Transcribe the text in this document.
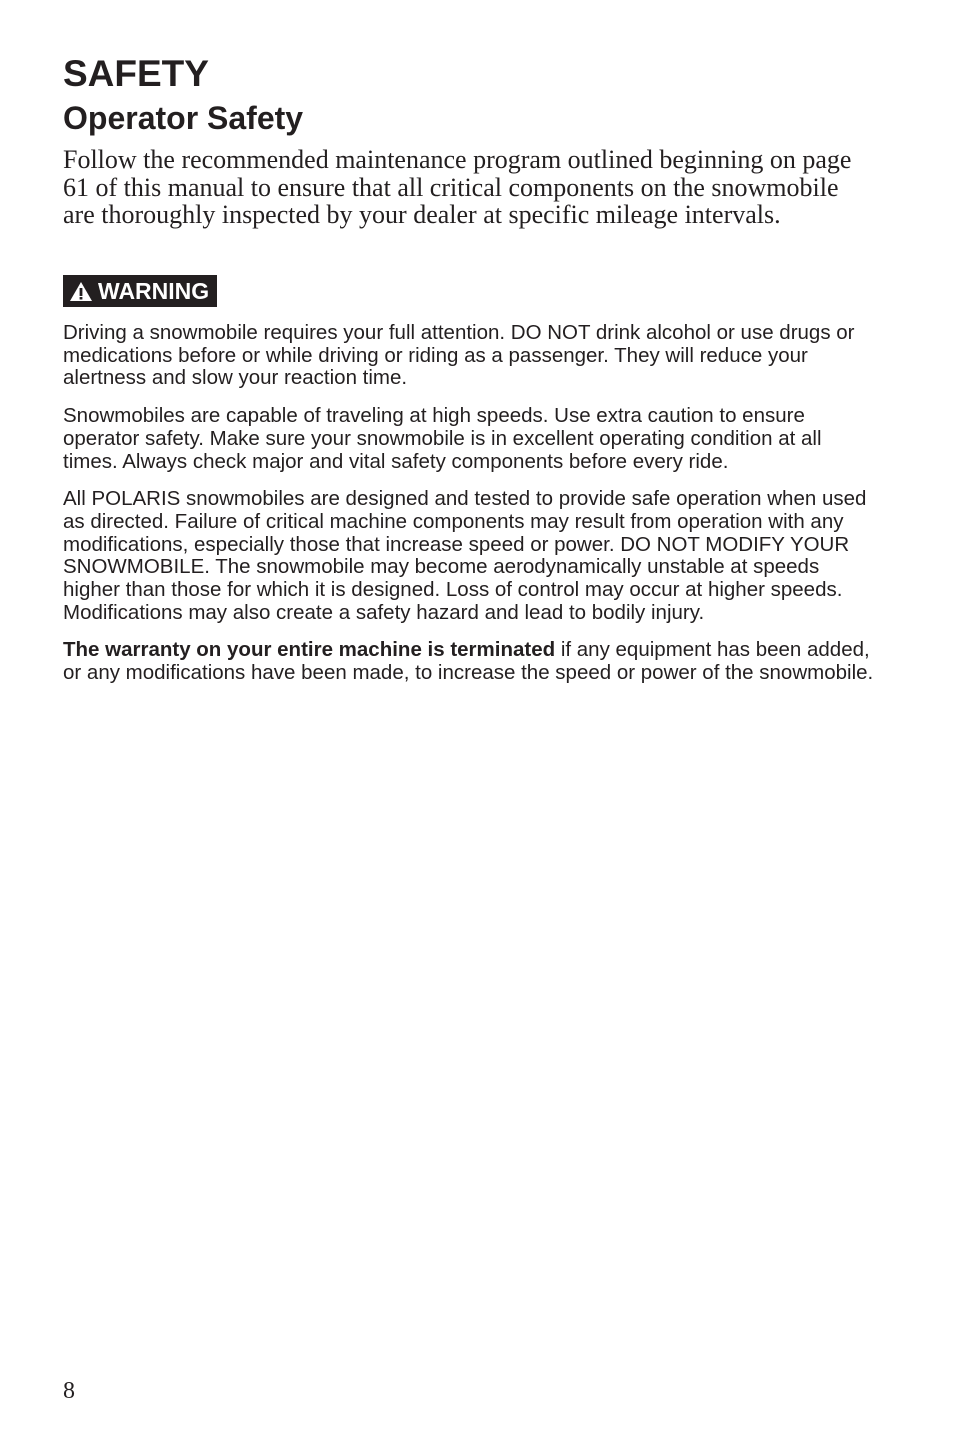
SAFETY
Operator Safety

Follow the recommended maintenance program outlined beginning on page 61 of this manual to ensure that all critical components on the snowmobile are thoroughly inspected by your dealer at specific mileage intervals.

WARNING

Driving a snowmobile requires your full attention. DO NOT drink alcohol or use drugs or medications before or while driving or riding as a passenger. They will reduce your alertness and slow your reaction time.

Snowmobiles are capable of traveling at high speeds. Use extra caution to ensure operator safety. Make sure your snowmobile is in excellent operating condition at all times. Always check major and vital safety components before every ride.

All POLARIS snowmobiles are designed and tested to provide safe operation when used as directed. Failure of critical machine components may result from operation with any modifications, especially those that increase speed or power. DO NOT MODIFY YOUR SNOWMOBILE. The snowmobile may become aerodynamically unstable at speeds higher than those for which it is designed. Loss of control may occur at higher speeds. Modifications may also create a safety hazard and lead to bodily injury.

The warranty on your entire machine is terminated if any equipment has been added, or any modifications have been made, to increase the speed or power of the snowmobile.

8
